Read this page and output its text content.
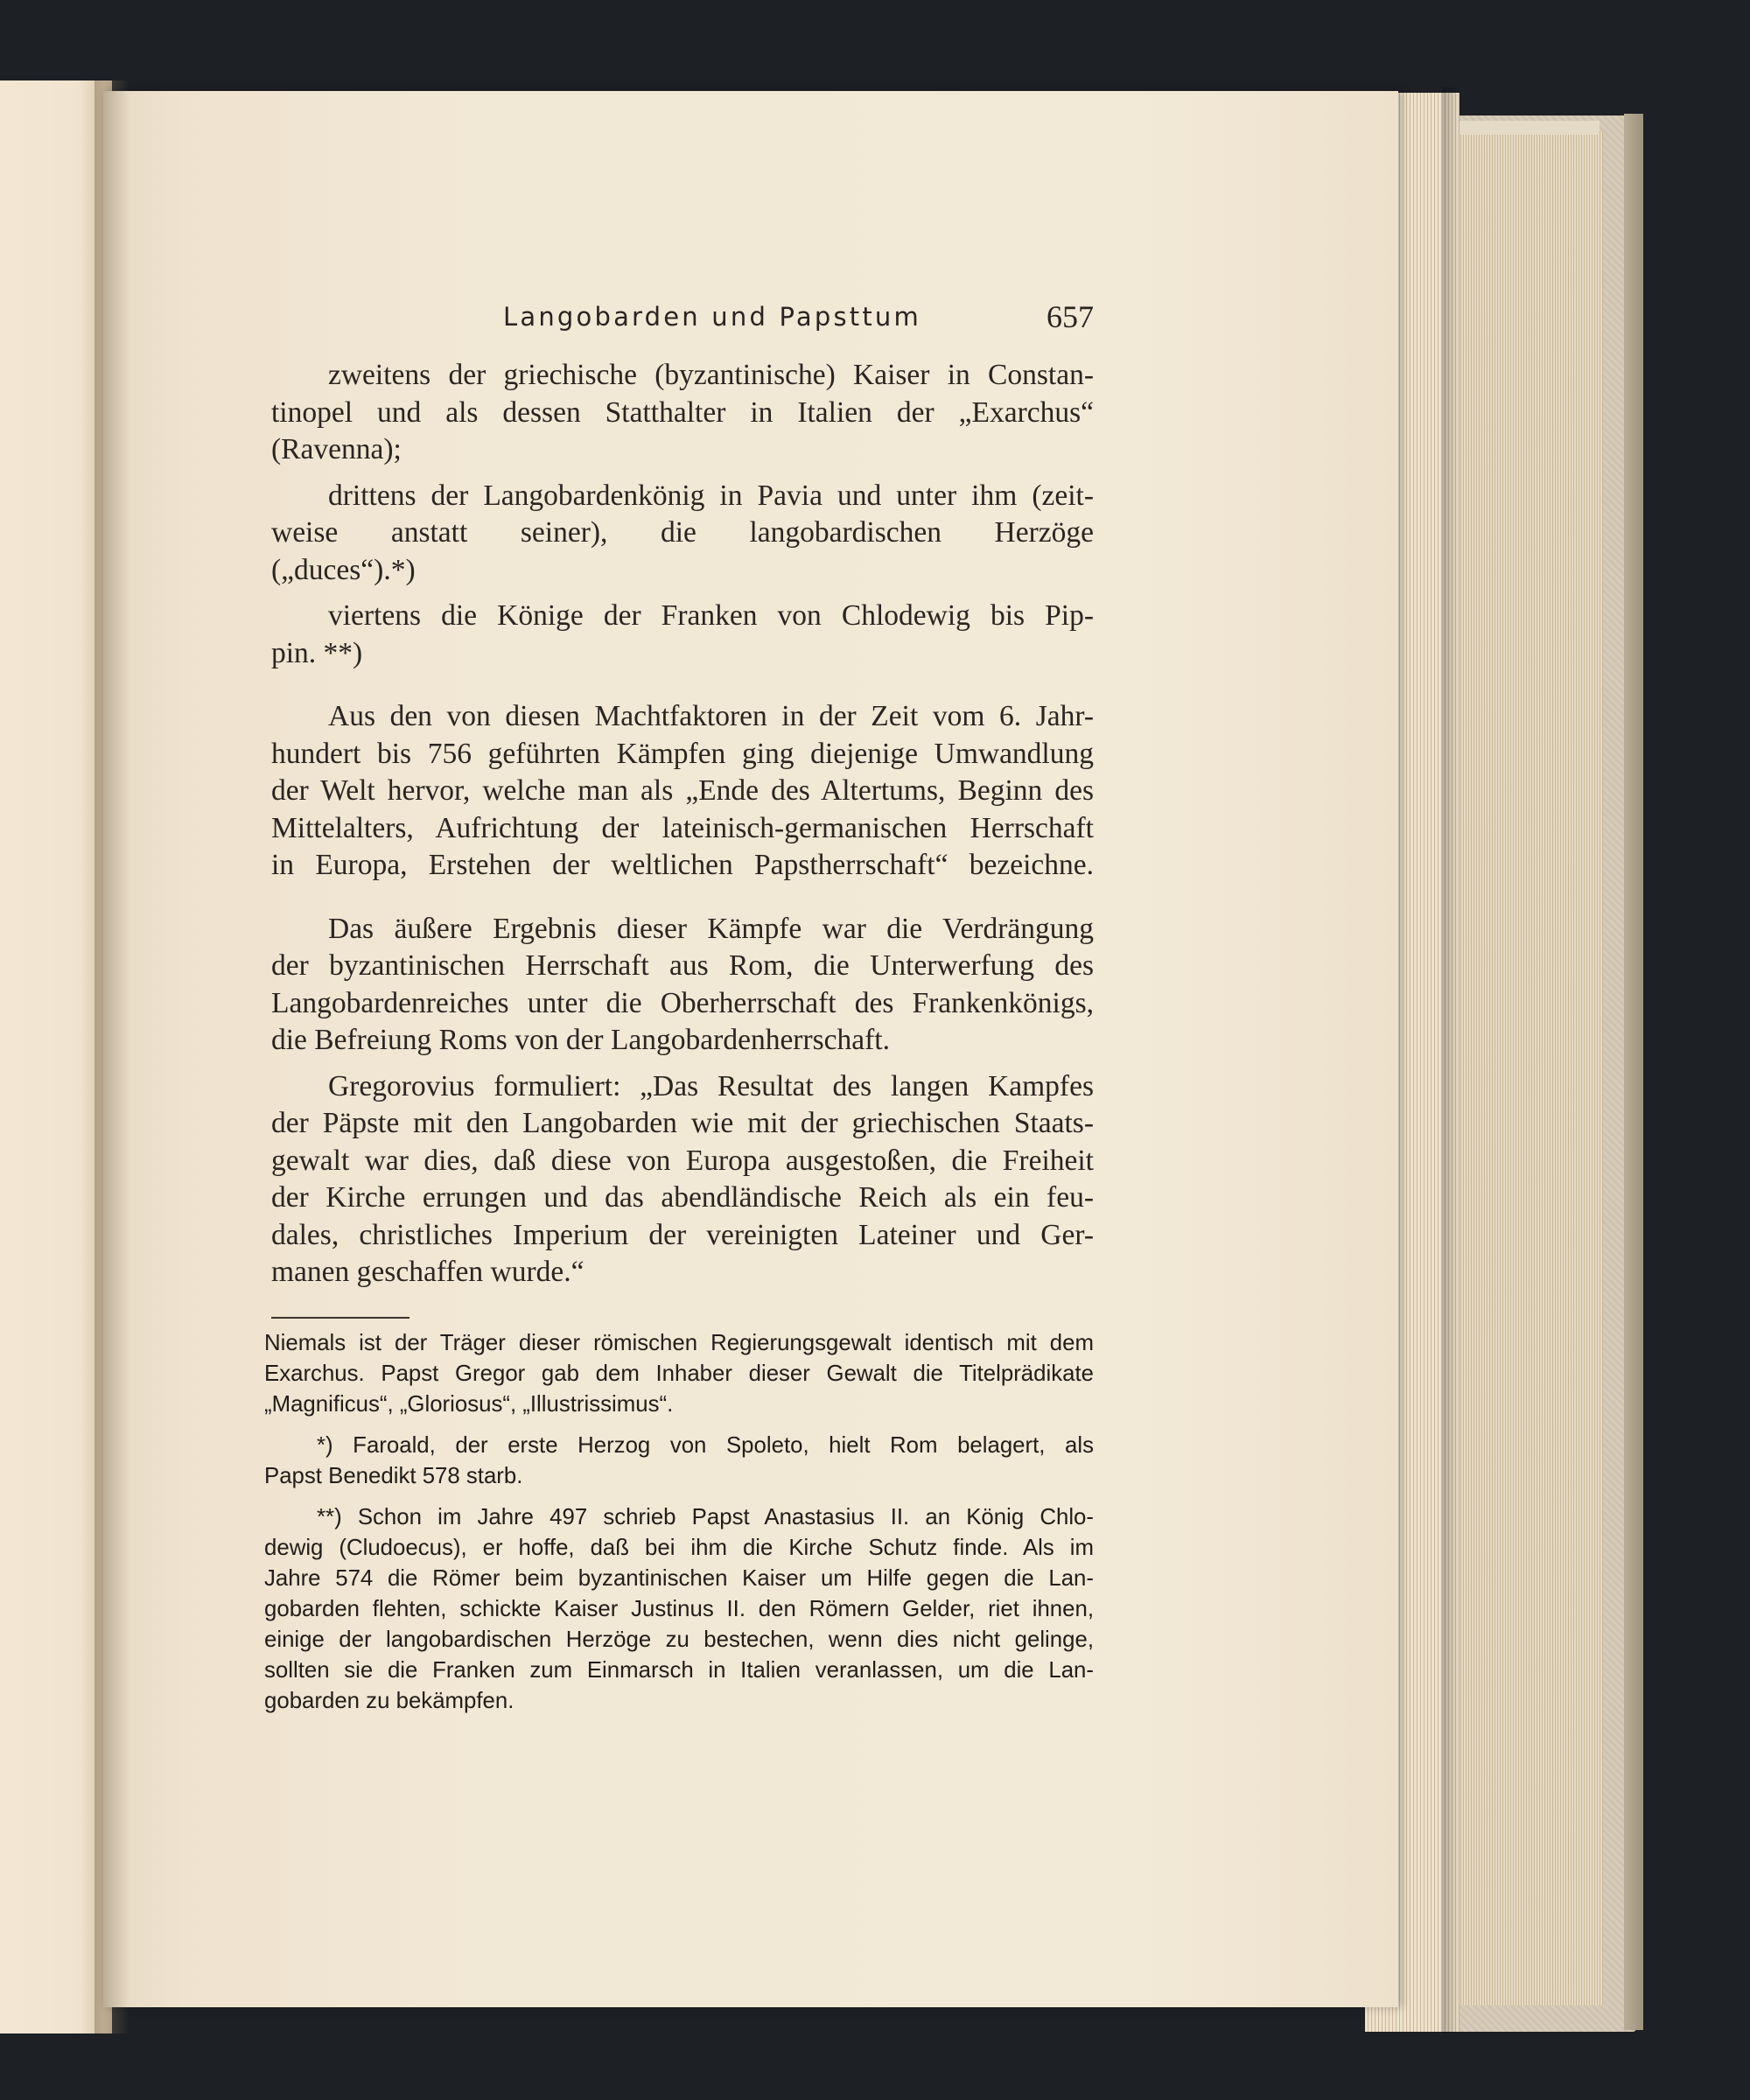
Langobarden und Papsttum	657
zweitens der griechische (byzantinische) Kaiser in Constan-
tinopel und als dessen Statthalter in Italien der „Exarchus“
(Ravenna);
drittens der Langobardenkönig in Pavia und unter ihm (zeit-
weise anstatt seiner), die langobardischen Herzöge
(„duces“).*)
viertens die Könige der Franken von Chlodewig bis Pip-
pin. **)
Aus den von diesen Machtfaktoren in der Zeit vom 6. Jahr-
hundert bis 756 geführten Kämpfen ging diejenige Umwandlung
der Welt hervor, welche man als „Ende des Altertums, Beginn des
Mittelalters, Aufrichtung der lateinisch-germanischen Herrschaft
in Europa, Erstehen der weltlichen Papstherrschaft“ bezeichne.
Das äußere Ergebnis dieser Kämpfe war die Verdrängung
der byzantinischen Herrschaft aus Rom, die Unterwerfung des
Langobardenreiches unter die Oberherrschaft des Frankenkönigs,
die Befreiung Roms von der Langobardenherrschaft.
Gregorovius formuliert: „Das Resultat des langen Kampfes
der Päpste mit den Langobarden wie mit der griechischen Staats-
gewalt war dies, daß diese von Europa ausgestoßen, die Freiheit
der Kirche errungen und das abendländische Reich als ein feu-
dales, christliches Imperium der vereinigten Lateiner und Ger-
manen geschaffen wurde.“
Niemals ist der Träger dieser römischen Regierungsgewalt identisch mit dem
Exarchus. Papst Gregor gab dem Inhaber dieser Gewalt die Titelprädikate
„Magnificus“, „Gloriosus“, „Illustrissimus“.
*) Faroald, der erste Herzog von Spoleto, hielt Rom belagert, als
Papst Benedikt 578 starb.
**) Schon im Jahre 497 schrieb Papst Anastasius II. an König Chlo-
dewig (Cludoecus), er hoffe, daß bei ihm die Kirche Schutz finde. Als im
Jahre 574 die Römer beim byzantinischen Kaiser um Hilfe gegen die Lan-
gobarden flehten, schickte Kaiser Justinus II. den Römern Gelder, riet ihnen,
einige der langobardischen Herzöge zu bestechen, wenn dies nicht gelinge,
sollten sie die Franken zum Einmarsch in Italien veranlassen, um die Lan-
gobarden zu bekämpfen.
